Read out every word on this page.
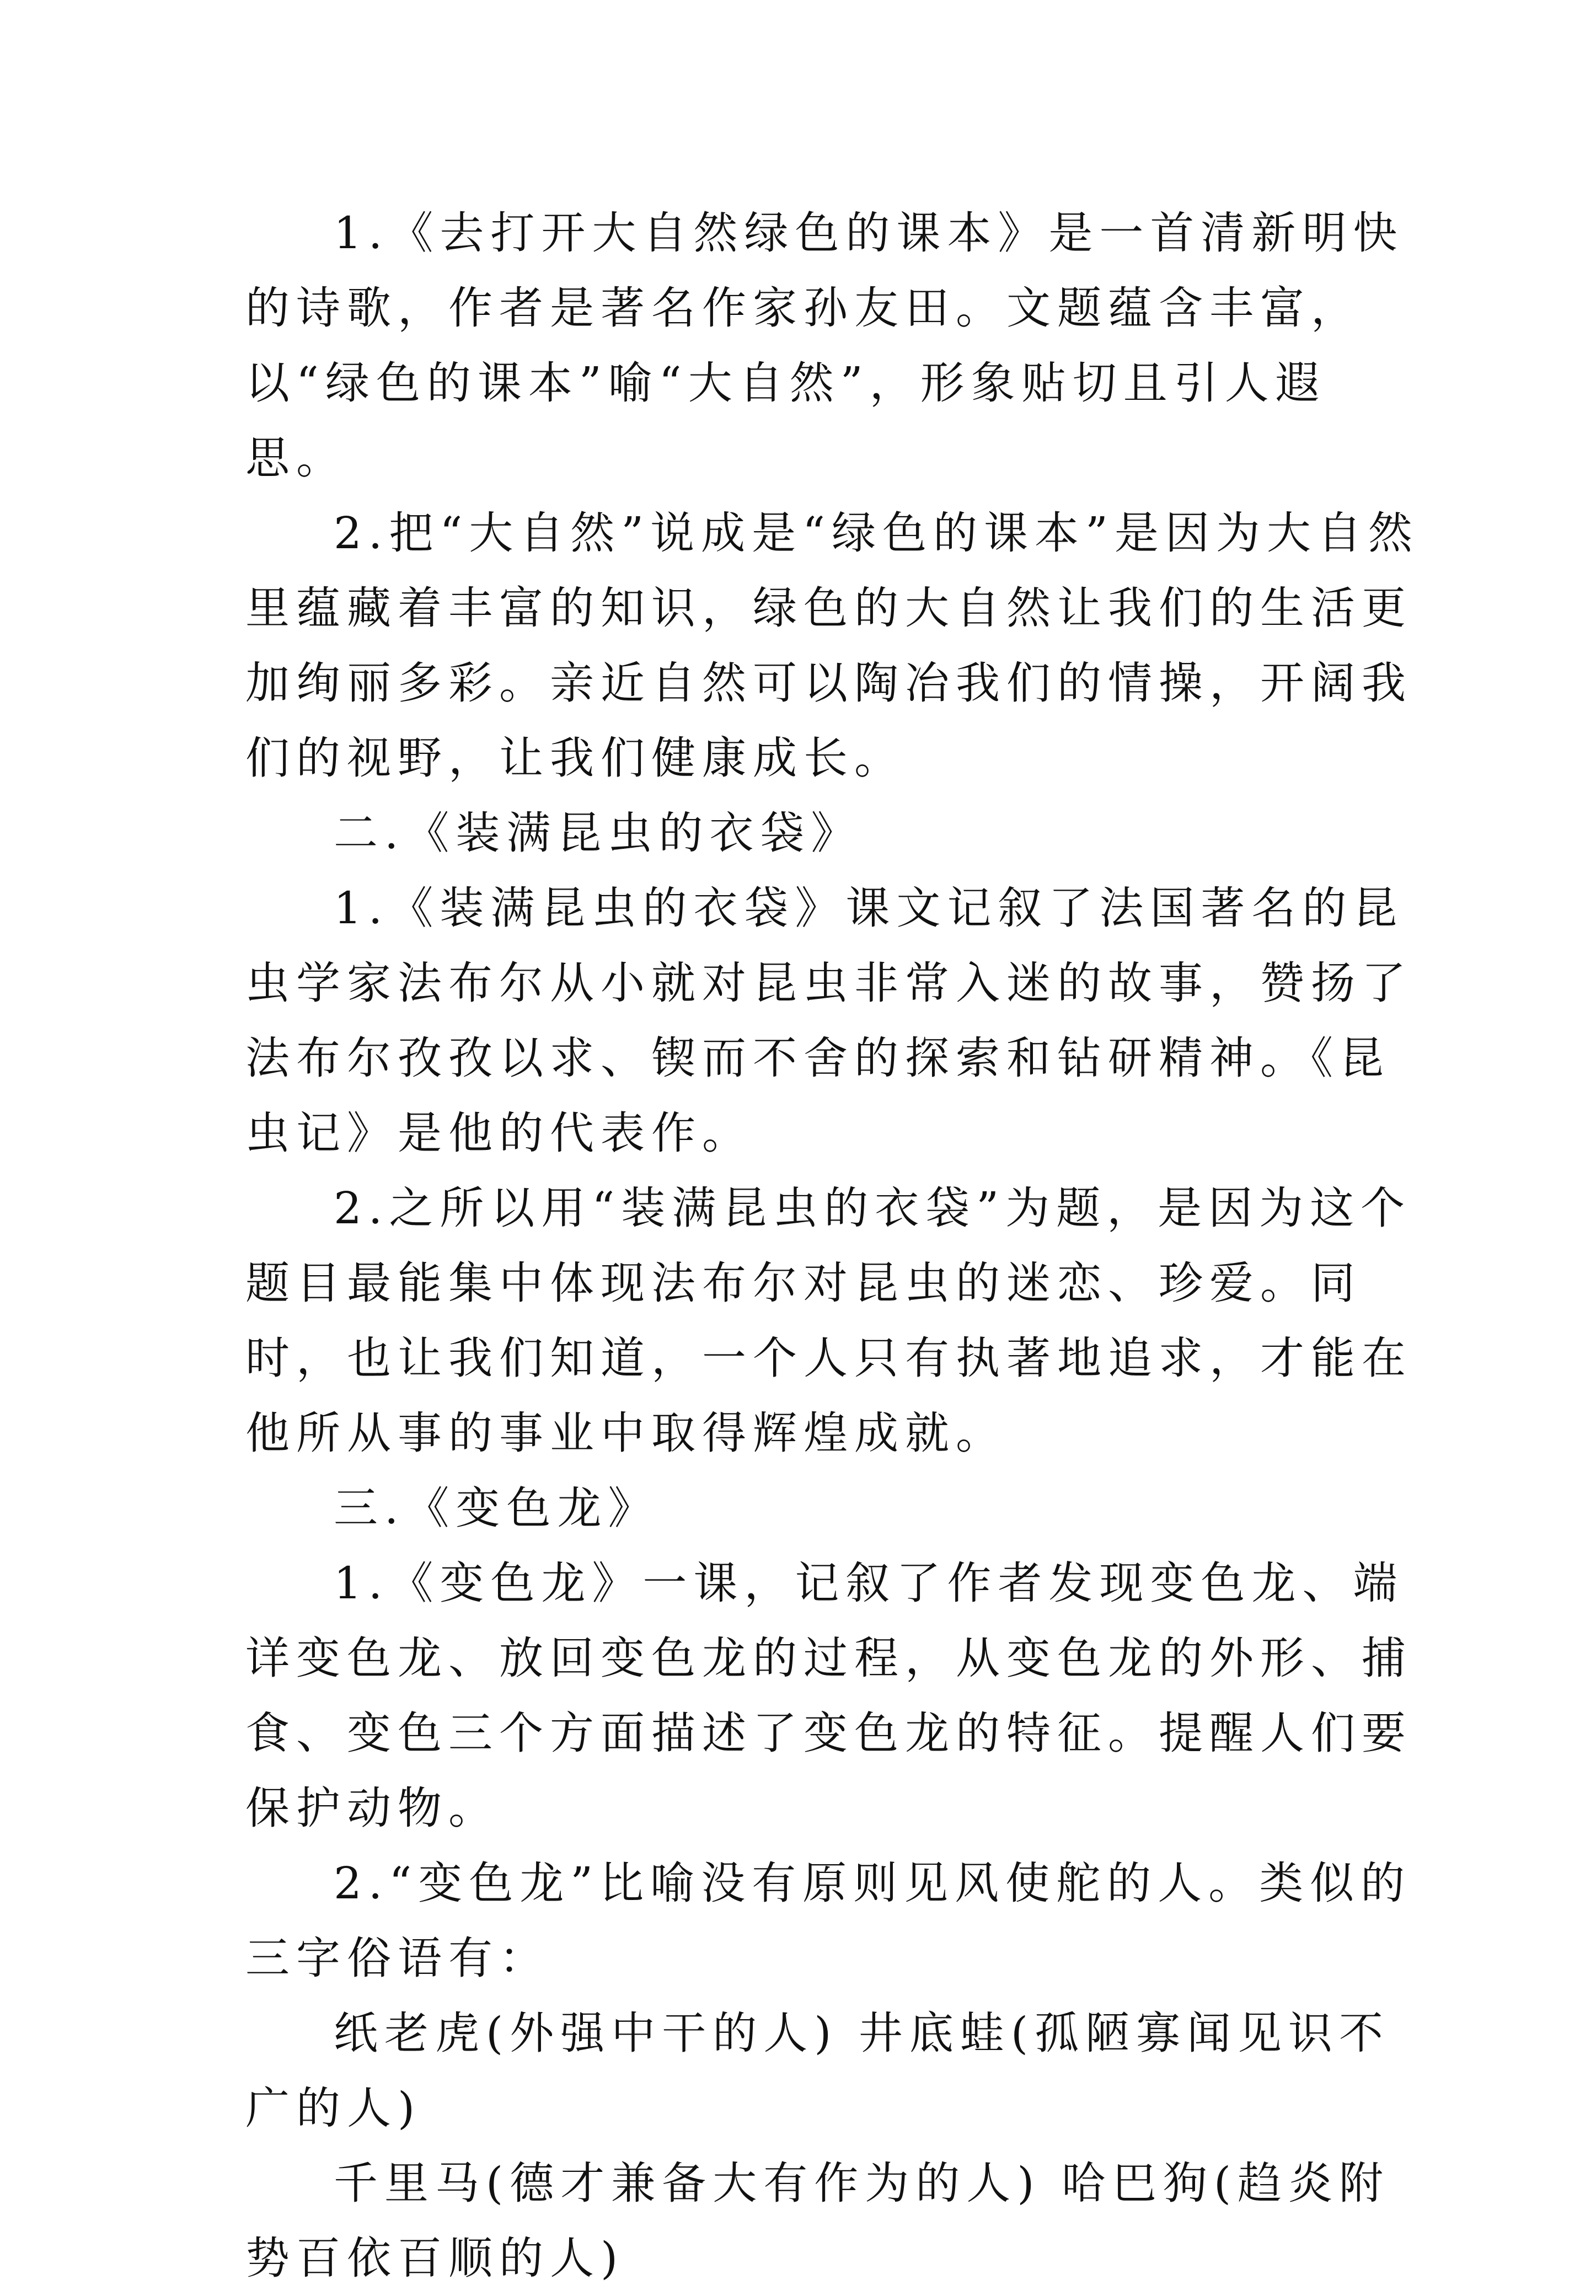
1.《去打开大自然绿色的课本》是一首清新明快的诗歌，作者是著名作家孙友田。文题蕴含丰富，以“绿色的课本”喻“大自然”，形象贴切且引人遐思。

2.把“大自然”说成是“绿色的课本”是因为大自然里蕴藏着丰富的知识，绿色的大自然让我们的生活更加绚丽多彩。亲近自然可以陶冶我们的情操，开阔我们的视野，让我们健康成长。

二.《装满昆虫的衣袋》

1.《装满昆虫的衣袋》课文记叙了法国著名的昆虫学家法布尔从小就对昆虫非常入迷的故事，赞扬了法布尔孜孜以求、锲而不舍的探索和钻研精神。《昆虫记》是他的代表作。

2.之所以用“装满昆虫的衣袋”为题，是因为这个题目最能集中体现法布尔对昆虫的迷恋、珍爱。同时，也让我们知道，一个人只有执著地追求，才能在他所从事的事业中取得辉煌成就。

三.《变色龙》

1.《变色龙》一课，记叙了作者发现变色龙、端详变色龙、放回变色龙的过程，从变色龙的外形、捕食、变色三个方面描述了变色龙的特征。提醒人们要保护动物。

2.“变色龙”比喻没有原则见风使舵的人。类似的三字俗语有：

纸老虎(外强中干的人) 井底蛙(孤陋寡闻见识不广的人)

千里马(德才兼备大有作为的人) 哈巴狗(趋炎附势百依百顺的人)
